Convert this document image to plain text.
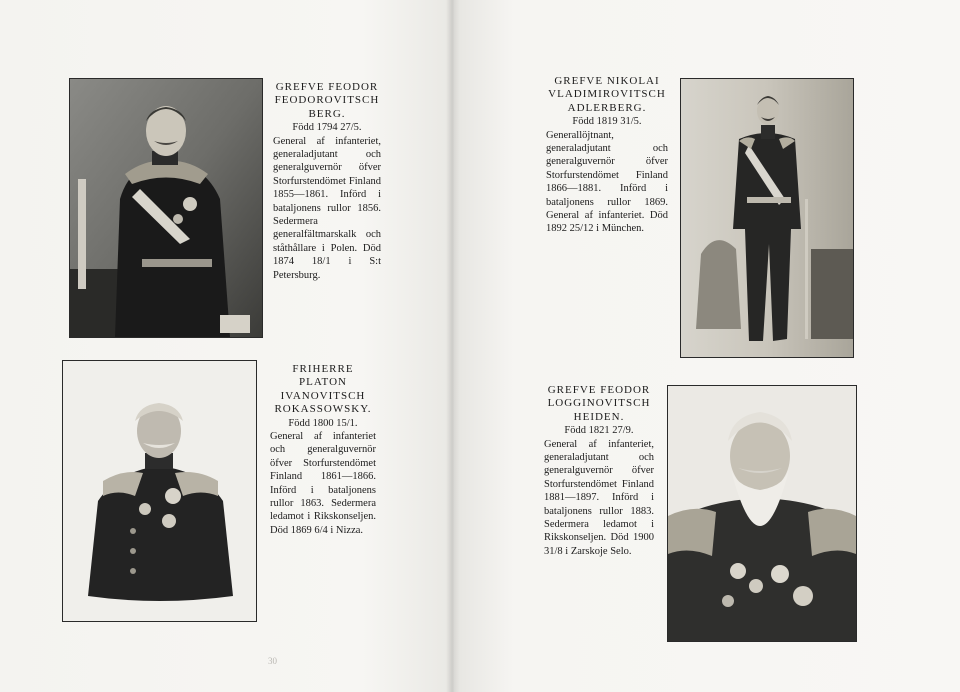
GREFVE FEODOR FEODOROVITSCH BERG.
Född 1794 27/5.
General af infanteriet, generaladjutant och generalguvernör öfver Storfurstendömet Finland 1855—1861. Införd i bataljonens rullor 1856. Sedermera generalfältmarskalk och ståthållare i Polen. Död 1874 18/1 i S:t Petersburg.
FRIHERRE PLATON IVANOVITSCH ROKASSOWSKY.
Född 1800 15/1.
General af infanteriet och generalguvernör öfver Storfurstendömet Finland 1861—1866. Införd i bataljonens rullor 1863. Sedermera ledamot i Rikskonseljen. Död 1869 6/4 i Nizza.
GREFVE NIKOLAI VLADIMIROVITSCH ADLERBERG.
Född 1819 31/5.
Generallöjtnant, generaladjutant och generalguvernör öfver Storfurstendömet Finland 1866—1881. Införd i bataljonens rullor 1869. General af infanteriet. Död 1892 25/12 i München.
GREFVE FEODOR LOGGINOVITSCH HEIDEN.
Född 1821 27/9.
General af infanteriet, generaladjutant och generalguvernör öfver Storfurstendömet Finland 1881—1897. Införd i bataljonens rullor 1883. Sedermera ledamot i Rikskonseljen. Död 1900 31/8 i Zarskoje Selo.
30
